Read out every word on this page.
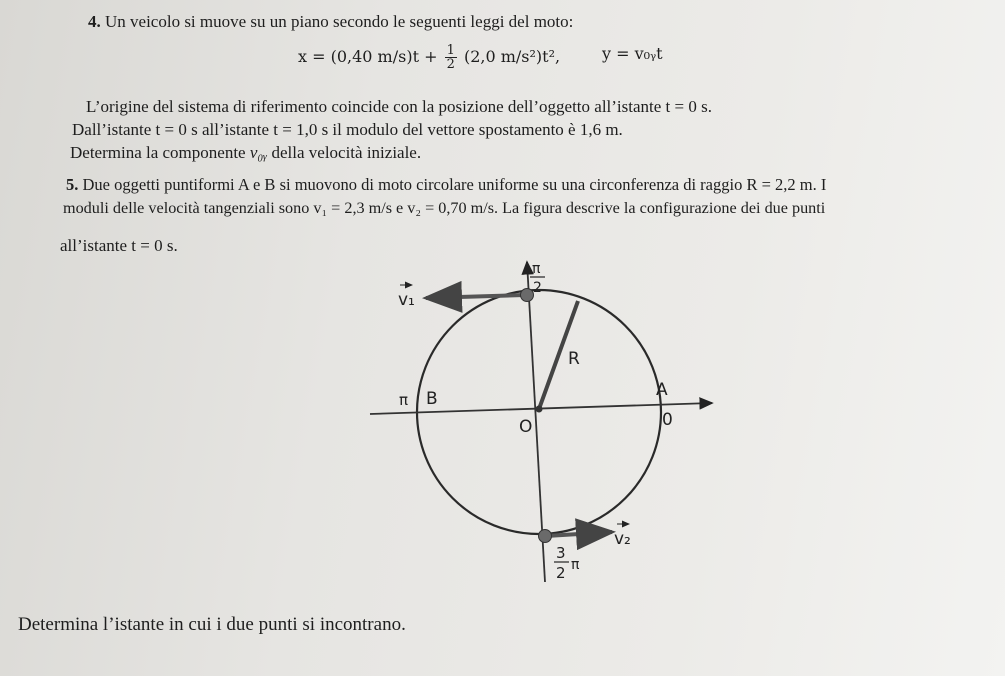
4. Un veicolo si muove su un piano secondo le seguenti leggi del moto:
x = (0,40 $m/s)t + \frac{1}{2} (2,0$ m/s²)t²,	y = v₀ᵧt
L’origine del sistema di riferimento coincide con la posizione dell’oggetto all’istante t = 0 s.
Dall’istante t = 0 s all’istante t = 1,0 s il modulo del vettore spostamento è 1,6 m.
Determina la componente v₀ᵧ della velocità iniziale.
5. Due oggetti puntiformi A e B si muovono di moto circolare uniforme su una circonferenza di raggio R = 2,2 m. I
moduli delle velocità tangenziali sono v₁ = 2,3 m/s e v₂ = 0,70 m/s. La figura descrive la configurazione dei due punti
all’istante t = 0 s.
π
2
v₁
R
π B	A
O	0
v₂
3
2 π
Determina l’istante in cui i due punti si incontrano.
